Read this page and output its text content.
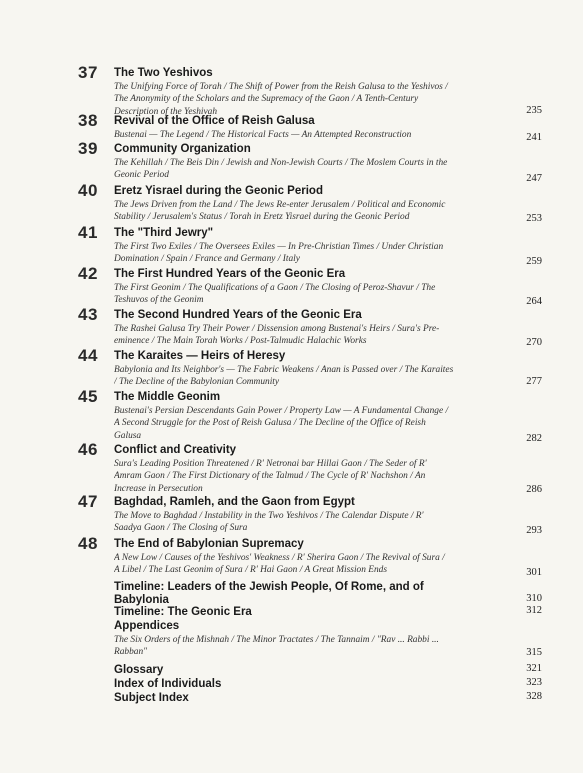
37 The Two Yeshivos
The Unifying Force of Torah / The Shift of Power from the Reish Galusa to the Yeshivos /
The Anonymity of the Scholars and the Supremacy of the Gaon / A Tenth-Century
Description of the Yeshivah	235
38 Revival of the Office of Reish Galusa
Bustenai — The Legend / The Historical Facts — An Attempted Reconstruction	241
39 Community Organization
The Kehillah / The Beis Din / Jewish and Non-Jewish Courts / The Moslem Courts in the
Geonic Period	247
40 Eretz Yisrael during the Geonic Period
The Jews Driven from the Land / The Jews Re-enter Jerusalem / Political and Economic
Stability / Jerusalem's Status / Torah in Eretz Yisrael during the Geonic Period	253
41 The "Third Jewry"
The First Two Exiles / The Oversees Exiles — In Pre-Christian Times / Under Christian
Domination / Spain / France and Germany / Italy	259
42 The First Hundred Years of the Geonic Era
The First Geonim / The Qualifications of a Gaon / The Closing of Peroz-Shavur / The
Teshuvos of the Geonim	264
43 The Second Hundred Years of the Geonic Era
The Rashei Galusa Try Their Power / Dissension among Bustenai's Heirs / Sura's Pre-
eminence / The Main Torah Works / Post-Talmudic Halachic Works	270
44 The Karaites — Heirs of Heresy
Babylonia and Its Neighbor's — The Fabric Weakens / Anan is Passed over / The Karaites
/ The Decline of the Babylonian Community	277
45 The Middle Geonim
Bustenai's Persian Descendants Gain Power / Property Law — A Fundamental Change /
A Second Struggle for the Post of Reish Galusa / The Decline of the Office of Reish
Galusa	282
46 Conflict and Creativity
Sura's Leading Position Threatened / R' Netronai bar Hillai Gaon / The Seder of R'
Amram Gaon / The First Dictionary of the Talmud / The Cycle of R' Nachshon / An
Increase in Persecution	286
47 Baghdad, Ramleh, and the Gaon from Egypt
The Move to Baghdad / Instability in the Two Yeshivos / The Calendar Dispute / R'
Saadya Gaon / The Closing of Sura	293
48 The End of Babylonian Supremacy
A New Low / Causes of the Yeshivos' Weakness / R' Sherira Gaon / The Revival of Sura /
A Libel / The Last Geonim of Sura / R' Hai Gaon / A Great Mission Ends	301
Timeline: Leaders of the Jewish People, Of Rome, and of
Babylonia	310
Timeline: The Geonic Era	312
Appendices
The Six Orders of the Mishnah / The Minor Tractates / The Tannaim / "Rav ... Rabbi ...
Rabban"	315
Glossary	321
Index of Individuals	323
Subject Index	328
